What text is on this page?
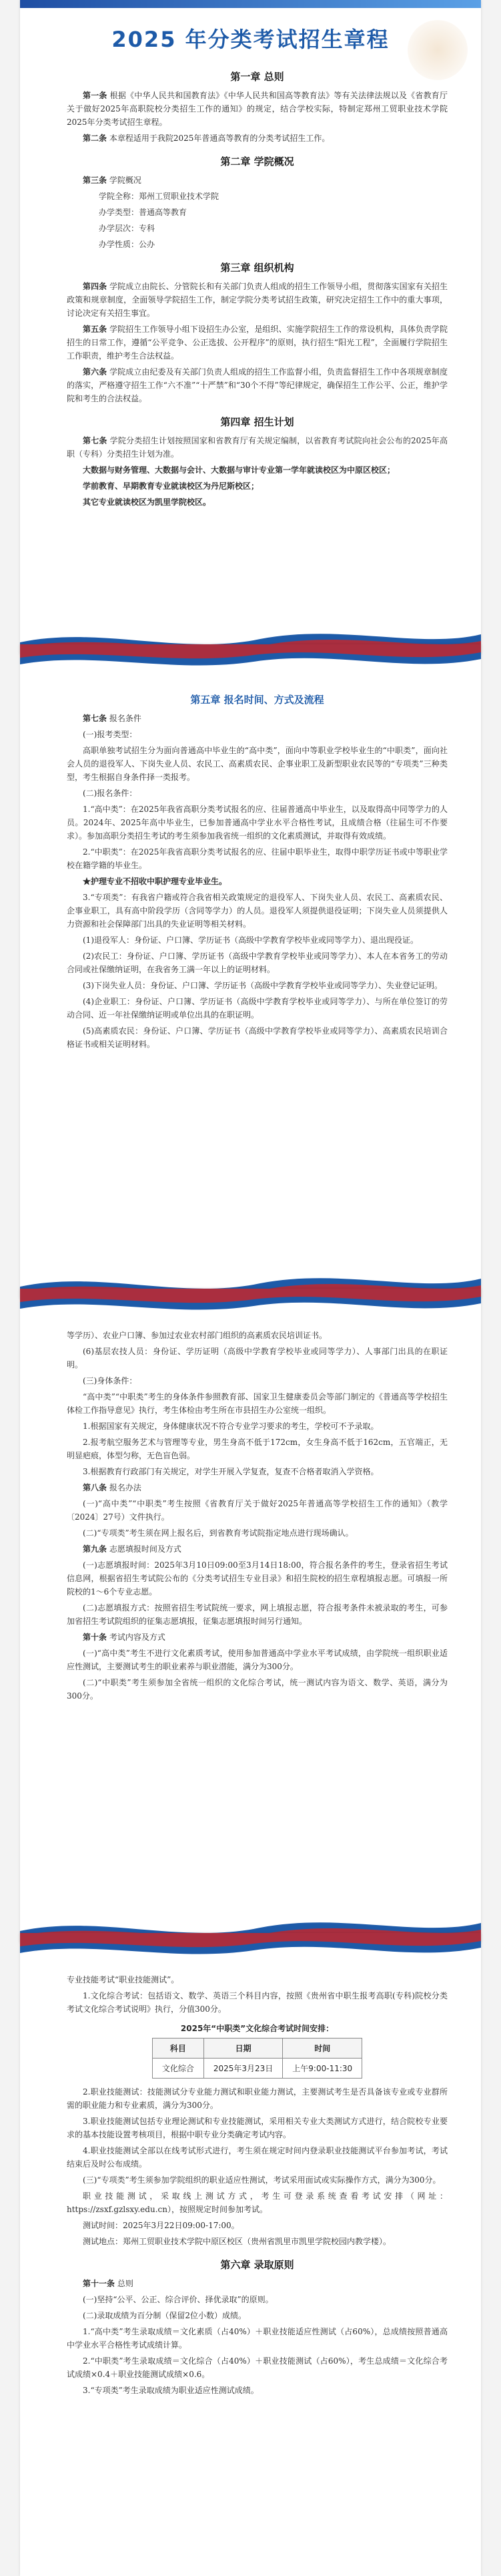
2025 年分类考试招生章程
第一章 总则

第一条 根据《中华人民共和国教育法》《中华人民共和国高等教育法》等有关法律法规以及《省教育厅关于做好2025年高职院校分类招生工作的通知》的规定，结合学校实际，特制定郑州工贸职业技术学院2025年分类考试招生章程。

第二条 本章程适用于我院2025年普通高等教育的分类考试招生工作。

第二章 学院概况

第三条 学院概况

学院全称：郑州工贸职业技术学院

办学类型：普通高等教育

办学层次：专科

办学性质：公办

第三章 组织机构

第四条 学院成立由院长、分管院长和有关部门负责人组成的招生工作领导小组，贯彻落实国家有关招生政策和规章制度，全面领导学院招生工作，制定学院分类考试招生政策，研究决定招生工作中的重大事项，讨论决定有关招生事宜。

第五条 学院招生工作领导小组下设招生办公室，是组织、实施学院招生工作的常设机构，具体负责学院招生的日常工作，遵循“公平竞争、公正选拔、公开程序”的原则，执行招生“阳光工程”，全面履行学院招生工作职责，维护考生合法权益。

第六条 学院成立由纪委及有关部门负责人组成的招生工作监督小组，负责监督招生工作中各项规章制度的落实，严格遵守招生工作“六不准”“十严禁”和“30个不得”等纪律规定，确保招生工作公平、公正，维护学院和考生的合法权益。

第四章 招生计划

第七条 学院分类招生计划按照国家和省教育厅有关规定编制，以省教育考试院向社会公布的2025年高职（专科）分类招生计划为准。

大数据与财务管理、大数据与会计、大数据与审计专业第一学年就读校区为中原区校区；

学前教育、早期教育专业就读校区为丹尼斯校区；

其它专业就读校区为凯里学院校区。

第五章 报名时间、方式及流程

第七条 报名条件

(一)报考类型：

高职单独考试招生分为面向普通高中毕业生的“高中类”，面向中等职业学校毕业生的“中职类”，面向社会人员的退役军人、下岗失业人员、农民工、高素质农民、企事业职工及新型职业农民等的“专项类”三种类型，考生根据自身条件择一类报考。

(二)报名条件：

1.“高中类”：在2025年我省高职分类考试报名的应、往届普通高中毕业生，以及取得高中同等学力的人员。2024年、2025年高中毕业生，已参加普通高中学业水平合格性考试，且成绩合格（往届生可不作要求）。参加高职分类招生考试的考生须参加我省统一组织的文化素质测试，并取得有效成绩。

2.“中职类”：在2025年我省高职分类考试报名的应、往届中职毕业生，取得中职学历证书或中等职业学校在籍学籍的毕业生。

★护理专业不招收中职护理专业毕业生。

3.“专项类”：有我省户籍或符合我省相关政策规定的退役军人、下岗失业人员、农民工、高素质农民、企事业职工，具有高中阶段学历（含同等学力）的人员。退役军人须提供退役证明；下岗失业人员须提供人力资源和社会保障部门出具的失业证明等相关材料。

(1)退役军人：身份证、户口簿、学历证书（高级中学教育学校毕业或同等学力）、退出现役证。

(2)农民工：身份证、户口簿、学历证书（高级中学教育学校毕业或同等学力）、本人在本省务工的劳动合同或社保缴纳证明，在我省务工满一年以上的证明材料。

(3)下岗失业人员：身份证、户口簿、学历证书（高级中学教育学校毕业或同等学力）、失业登记证明。

(4)企业职工：身份证、户口簿、学历证书（高级中学教育学校毕业或同等学力）、与所在单位签订的劳动合同、近一年社保缴纳证明或单位出具的在职证明。

(5)高素质农民：身份证、户口簿、学历证书（高级中学教育学校毕业或同等学力）、高素质农民培训合格证书或相关证明材料。

等学历）、农业户口簿、参加过农业农村部门组织的高素质农民培训证书。

(6)基层农技人员：身份证、学历证明（高级中学教育学校毕业或同等学力）、人事部门出具的在职证明。

(三)身体条件：

“高中类”“中职类”考生的身体条件参照教育部、国家卫生健康委员会等部门制定的《普通高等学校招生体检工作指导意见》执行，考生体检由考生所在市县招生办公室统一组织。

1.根据国家有关规定，身体健康状况不符合专业学习要求的考生，学校可不予录取。

2.报考航空服务艺术与管理等专业，男生身高不低于172cm，女生身高不低于162cm，五官端正，无明显疤痕，体型匀称，无色盲色弱。

3.根据教育行政部门有关规定，对学生开展入学复查，复查不合格者取消入学资格。

第八条 报名办法

(一)“高中类”“中职类”考生按照《省教育厅关于做好2025年普通高等学校招生工作的通知》（教学〔2024〕27号）文件执行。

(二)“专项类”考生须在网上报名后，到省教育考试院指定地点进行现场确认。

第九条 志愿填报时间及方式

(一)志愿填报时间：2025年3月10日09:00至3月14日18:00，符合报名条件的考生，登录省招生考试信息网，根据省招生考试院公布的《分类考试招生专业目录》和招生院校的招生章程填报志愿。可填报一所院校的1～6个专业志愿。

(二)志愿填报方式：按照省招生考试院统一要求，网上填报志愿，符合报考条件未被录取的考生，可参加省招生考试院组织的征集志愿填报，征集志愿填报时间另行通知。

第十条 考试内容及方式

(一)“高中类”考生不进行文化素质考试，使用参加普通高中学业水平考试成绩，由学院统一组织职业适应性测试，主要测试考生的职业素养与职业潜能，满分为300分。

(二)“中职类”考生须参加全省统一组织的文化综合考试，统一测试内容为语文、数学、英语，满分为300分。

专业技能考试“职业技能测试”。

1.文化综合考试：包括语文、数学、英语三个科目内容，按照《贵州省中职生报考高职(专科)院校分类考试文化综合考试说明》执行，分值300分。

2025年“中职类”文化综合考试时间安排：
科目	日期	时间
文化综合	2025年3月23日	上午9:00-11:30

2.职业技能测试：技能测试分专业能力测试和职业能力测试，主要测试考生是否具备该专业或专业群所需的职业能力和专业素质，满分为300分。

3.职业技能测试包括专业理论测试和专业技能测试，采用相关专业大类测试方式进行，结合院校专业要求的基本技能设置考核项目，根据中职专业分类确定考试内容。

4.职业技能测试全部以在线考试形式进行，考生须在规定时间内登录职业技能测试平台参加考试，考试结束后及时公布成绩。

(三)“专项类”考生须参加学院组织的职业适应性测试，考试采用面试或实际操作方式，满分为300分。

职业技能测试，采取线上测试方式，考生可登录系统查看考试安排（网址：https://zsxf.gzlsxy.edu.cn），按照规定时间参加考试。

测试时间：2025年3月22日09:00-17:00。

测试地点：郑州工贸职业技术学院中原区校区（贵州省凯里市凯里学院校园内教学楼）。

第六章 录取原则

第十一条 总则

(一)坚持“公平、公正、综合评价、择优录取”的原则。

(二)录取成绩为百分制（保留2位小数）成绩。

1.“高中类”考生录取成绩＝文化素质（占40%）＋职业技能适应性测试（占60%），总成绩按照普通高中学业水平合格性考试成绩计算。

2.“中职类”考生录取成绩＝文化综合（占40%）＋职业技能测试（占60%），考生总成绩＝文化综合考试成绩×0.4＋职业技能测试成绩×0.6。

3.“专项类”考生录取成绩为职业适应性测试成绩。
